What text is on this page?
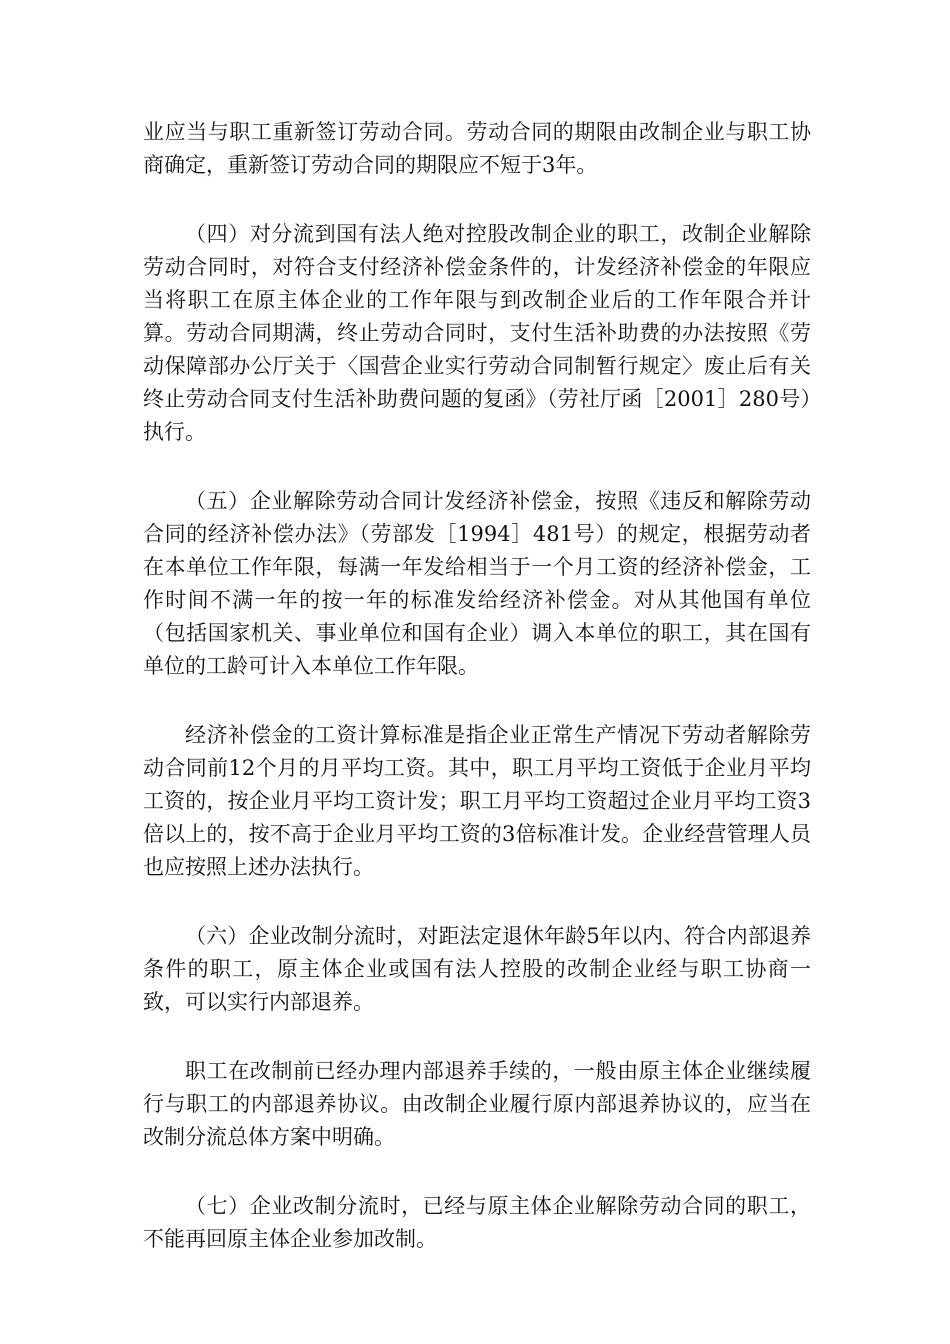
业应当与职工重新签订劳动合同。劳动合同的期限由改制企业与职工协商确定，重新签订劳动合同的期限应不短于3年。

（四）对分流到国有法人绝对控股改制企业的职工，改制企业解除劳动合同时，对符合支付经济补偿金条件的，计发经济补偿金的年限应当将职工在原主体企业的工作年限与到改制企业后的工作年限合并计算。劳动合同期满，终止劳动合同时，支付生活补助费的办法按照《劳动保障部办公厅关于〈国营企业实行劳动合同制暂行规定〉废止后有关终止劳动合同支付生活补助费问题的复函》（劳社厅函［2001］280号）执行。

（五）企业解除劳动合同计发经济补偿金，按照《违反和解除劳动合同的经济补偿办法》（劳部发［1994］481号）的规定，根据劳动者在本单位工作年限，每满一年发给相当于一个月工资的经济补偿金，工作时间不满一年的按一年的标准发给经济补偿金。对从其他国有单位（包括国家机关、事业单位和国有企业）调入本单位的职工，其在国有单位的工龄可计入本单位工作年限。

经济补偿金的工资计算标准是指企业正常生产情况下劳动者解除劳动合同前12个月的月平均工资。其中，职工月平均工资低于企业月平均工资的，按企业月平均工资计发；职工月平均工资超过企业月平均工资3倍以上的，按不高于企业月平均工资的3倍标准计发。企业经营管理人员也应按照上述办法执行。

（六）企业改制分流时，对距法定退休年龄5年以内、符合内部退养条件的职工，原主体企业或国有法人控股的改制企业经与职工协商一致，可以实行内部退养。

职工在改制前已经办理内部退养手续的，一般由原主体企业继续履行与职工的内部退养协议。由改制企业履行原内部退养协议的，应当在改制分流总体方案中明确。

（七）企业改制分流时，已经与原主体企业解除劳动合同的职工，不能再回原主体企业参加改制。
